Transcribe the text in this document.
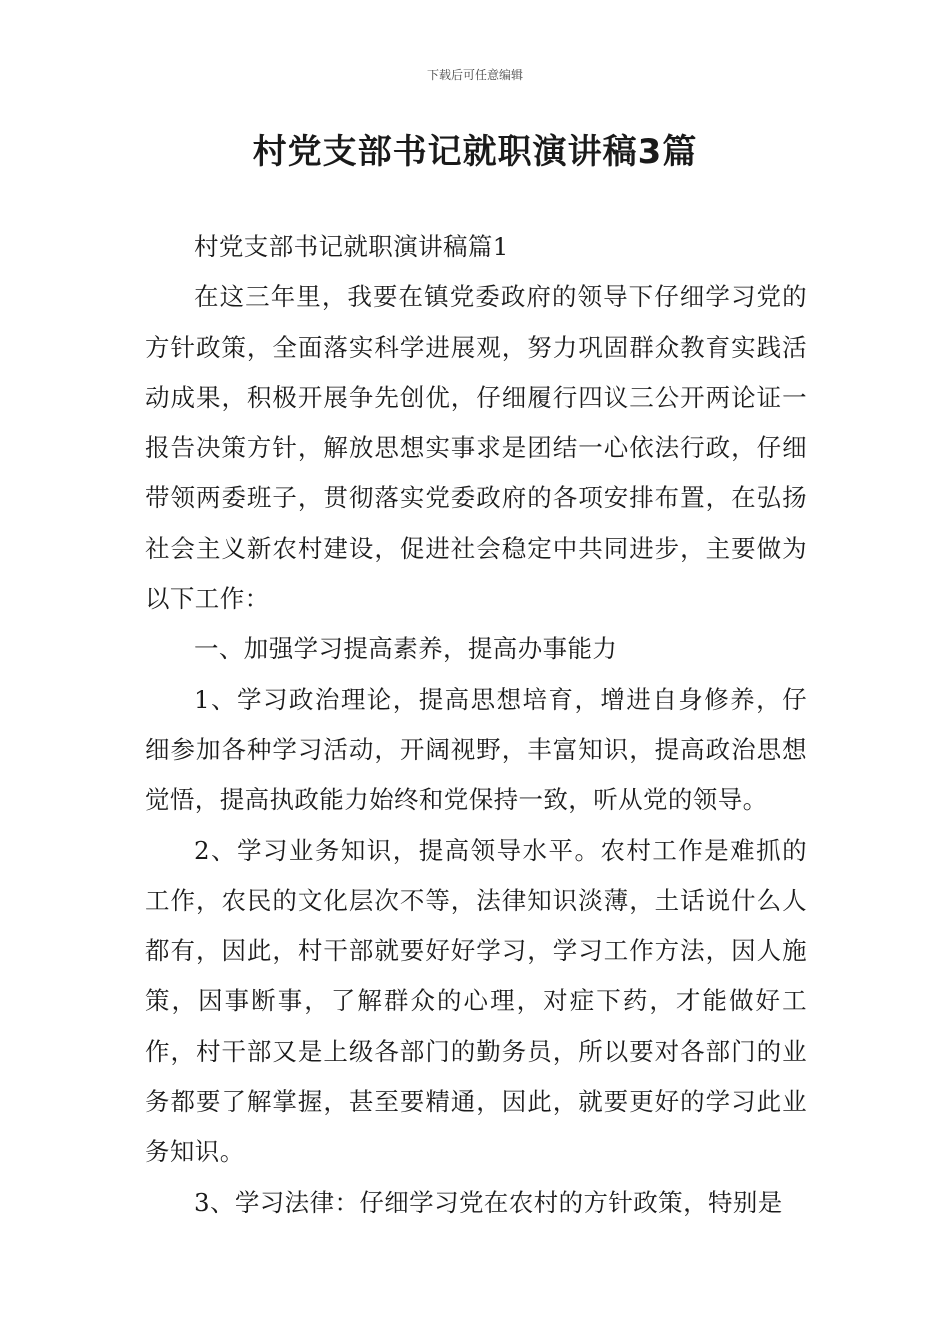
下载后可任意编辑
村党支部书记就职演讲稿3篇

村党支部书记就职演讲稿篇1

在这三年里，我要在镇党委政府的领导下仔细学习党的方针政策，全面落实科学进展观，努力巩固群众教育实践活动成果，积极开展争先创优，仔细履行四议三公开两论证一报告决策方针，解放思想实事求是团结一心依法行政，仔细带领两委班子，贯彻落实党委政府的各项安排布置，在弘扬社会主义新农村建设，促进社会稳定中共同进步，主要做为以下工作：

一、加强学习提高素养，提高办事能力

1、学习政治理论，提高思想培育，增进自身修养，仔细参加各种学习活动，开阔视野，丰富知识，提高政治思想觉悟，提高执政能力始终和党保持一致，听从党的领导。

2、学习业务知识，提高领导水平。农村工作是难抓的工作，农民的文化层次不等，法律知识淡薄，土话说什么人都有，因此，村干部就要好好学习，学习工作方法，因人施策，因事断事，了解群众的心理，对症下药，才能做好工作，村干部又是上级各部门的勤务员，所以要对各部门的业务都要了解掌握，甚至要精通，因此，就要更好的学习此业务知识。

3、学习法律：仔细学习党在农村的方针政策，特别是
